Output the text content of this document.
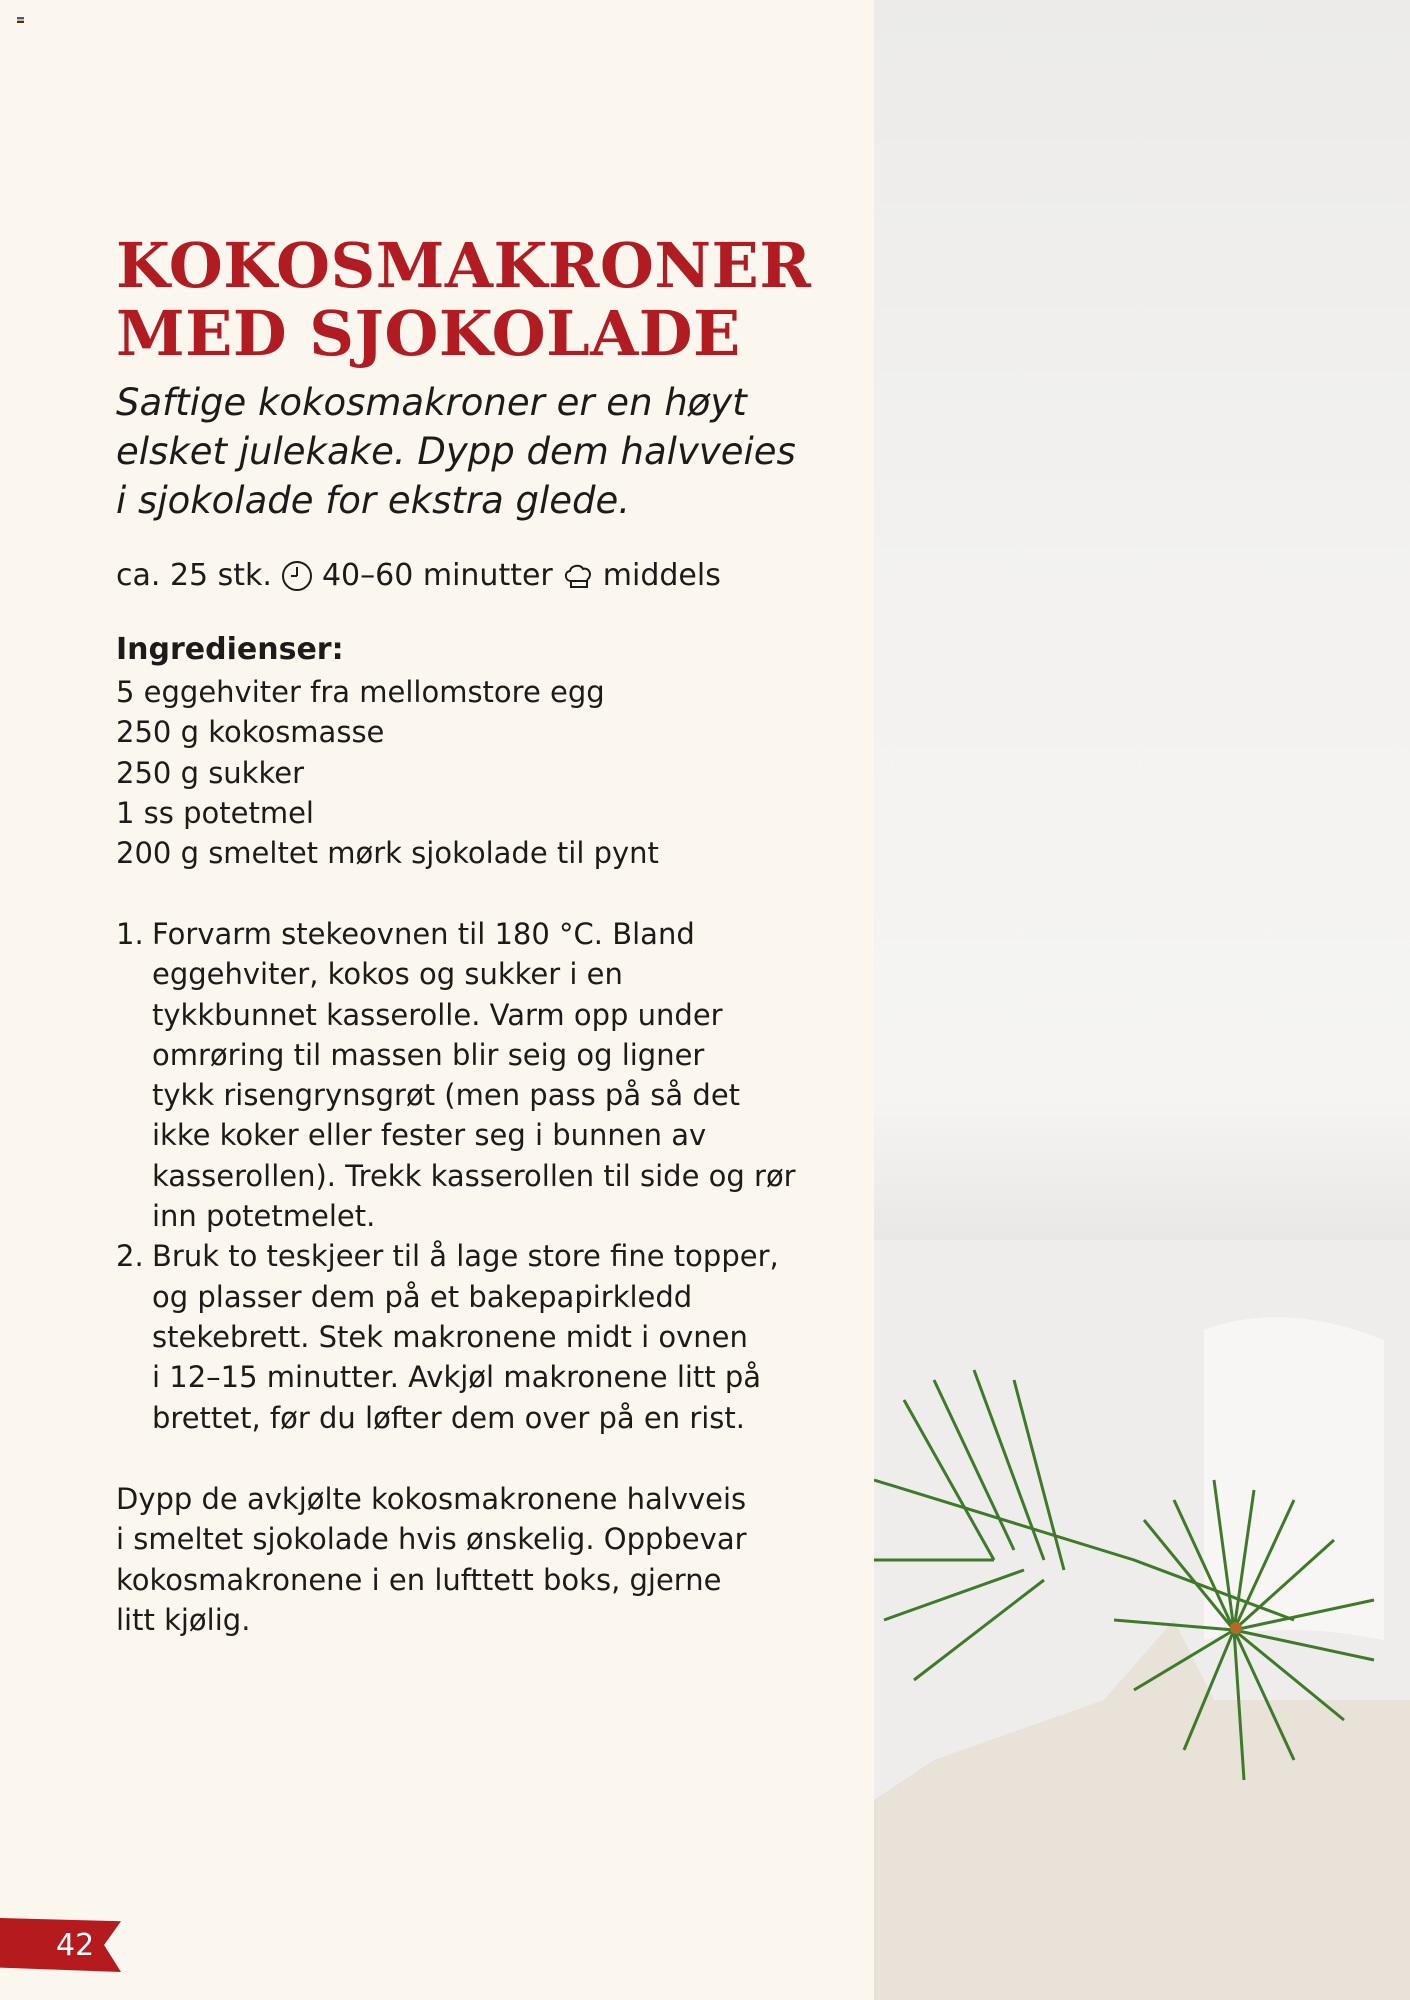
KOKOSMAKRONER
MED SJOKOLADE
Saftige kokosmakroner er en høyt
elsket julekake. Dypp dem halvveies
i sjokolade for ekstra glede.
ca. 25 stk. 40–60 minutter middels
Ingredienser:
5 eggehviter fra mellomstore egg
250 g kokosmasse
250 g sukker
1 ss potetmel
200 g smeltet mørk sjokolade til pynt
1. Forvarm stekeovnen til 180 °C. Bland
eggehviter, kokos og sukker i en
tykkbunnet kasserolle. Varm opp under
omrøring til massen blir seig og ligner
tykk risengrynsgrøt (men pass på så det
ikke koker eller fester seg i bunnen av
kasserollen). Trekk kasserollen til side og rør
inn potetmelet.
2. Bruk to teskjeer til å lage store fine topper,
og plasser dem på et bakepapirkledd
stekebrett. Stek makronene midt i ovnen
i 12–15 minutter. Avkjøl makronene litt på
brettet, før du løfter dem over på en rist.
Dypp de avkjølte kokosmakronene halvveis
i smeltet sjokolade hvis ønskelig. Oppbevar
kokosmakronene i en lufttett boks, gjerne
litt kjølig.
42
